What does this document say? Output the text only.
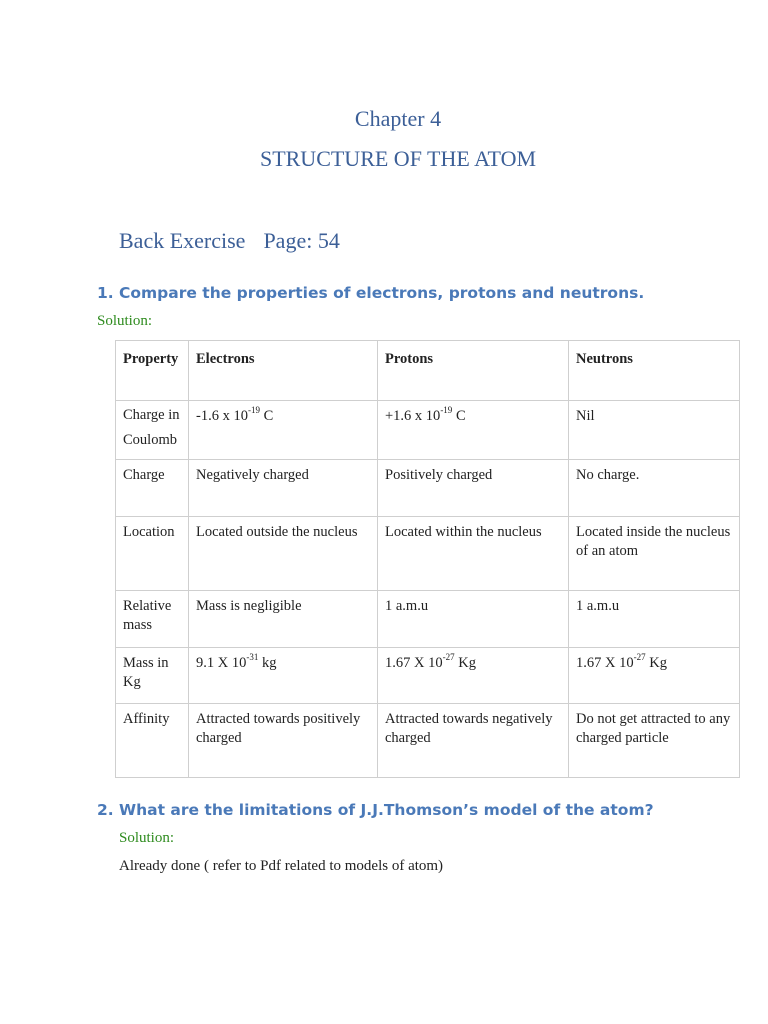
Chapter 4
STRUCTURE OF THE ATOM
Back Exercise Page: 54
1. Compare the properties of electrons, protons and neutrons.
Solution:
Property	Electrons	Protons	Neutrons
Charge in Coulomb	-1.6 x $10^{-19}$ C	+1.6 x $10^{-19}$ C	Nil
Charge	Negatively charged	Positively charged	No charge.
Location	Located outside the nucleus	Located within the nucleus	Located inside the nucleus of an atom
Relative mass	Mass is negligible	1 a.m.u	1 a.m.u
Mass in Kg	9.1 X $10^{-31}$ kg	1.67 X $10^{-27}$ Kg	1.67 X $10^{-27}$ Kg
Affinity	Attracted towards positively charged	Attracted towards negatively charged	Do not get attracted to any charged particle
2. What are the limitations of J.J.Thomson’s model of the atom?
Solution:
Already done ( refer to Pdf related to models of atom)
